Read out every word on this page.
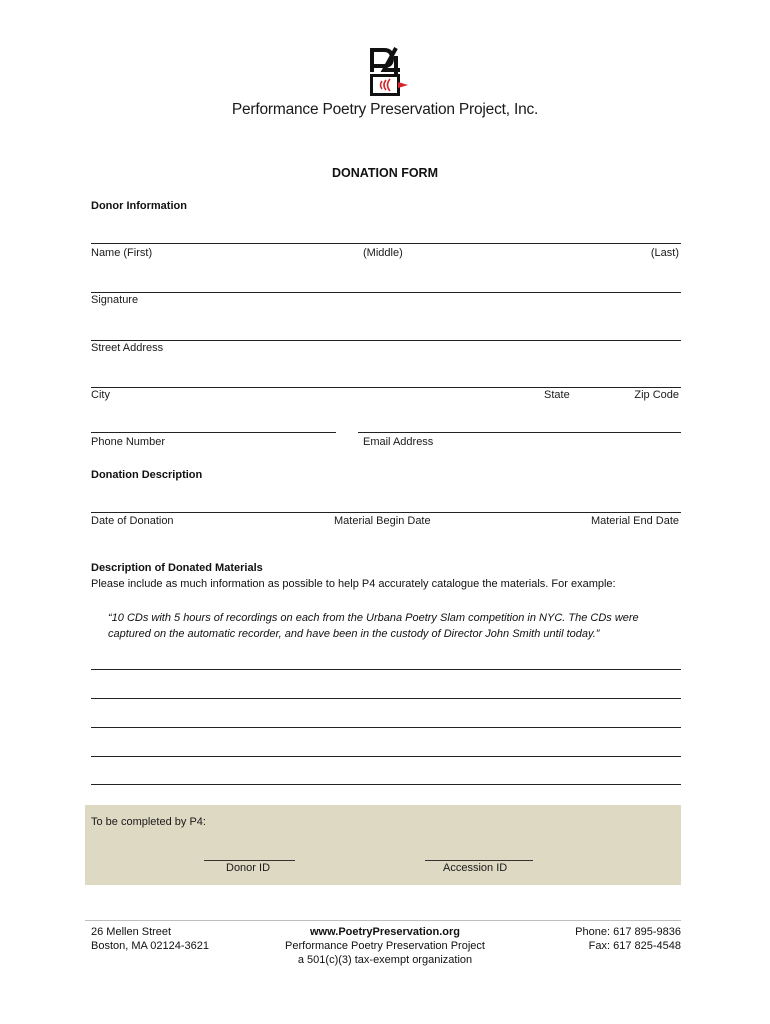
Performance Poetry Preservation Project, Inc.
DONATION FORM
Donor Information
Name (First)	(Middle)	(Last)
Signature
Street Address
City	State	Zip Code
Phone Number	Email Address
Donation Description
Date of Donation	Material Begin Date	Material End Date
Description of Donated Materials
Please include as much information as possible to help P4 accurately catalogue the materials. For example:
“10 CDs with 5 hours of recordings on each from the Urbana Poetry Slam competition in NYC. The CDs were
captured on the automatic recorder, and have been in the custody of Director John Smith until today.”
To be completed by P4:
Donor ID	Accession ID
26 Mellen Street
Boston, MA 02124-3621
www.PoetryPreservation.org
Performance Poetry Preservation Project
a 501(c)(3) tax-exempt organization
Phone: 617 895-9836
Fax: 617 825-4548
